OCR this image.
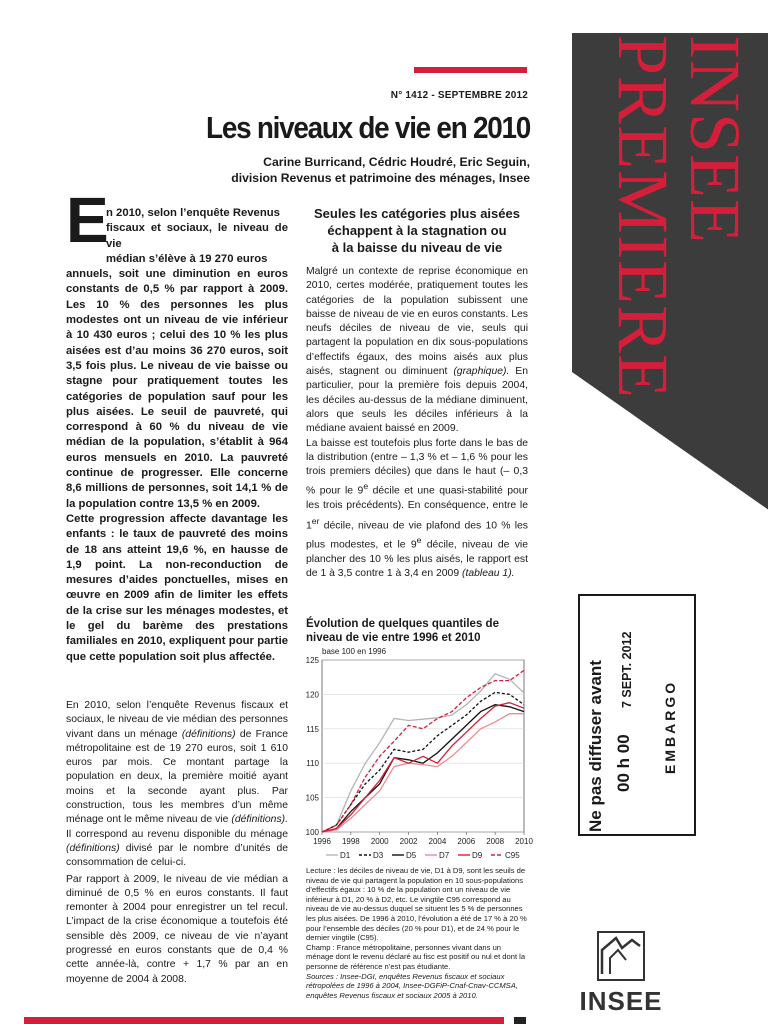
N° 1412 - SEPTEMBRE 2012
Les niveaux de vie en 2010
Carine Burricand, Cédric Houdré, Eric Seguin,
division Revenus et patrimoine des ménages, Insee
E
n 2010, selon l’enquête Revenus
fiscaux et sociaux, le niveau de vie
médian s’élève à 19 270 euros

annuels, soit une diminution en euros constants de 0,5 % par rapport à 2009. Les 10 % des personnes les plus modestes ont un niveau de vie inférieur à 10 430 euros ; celui des 10 % les plus aisées est d’au moins 36 270 euros, soit 3,5 fois plus. Le niveau de vie baisse ou stagne pour pratiquement toutes les catégories de population sauf pour les plus aisées. Le seuil de pauvreté, qui correspond à 60 % du niveau de vie médian de la population, s’établit à 964 euros mensuels en 2010. La pauvreté continue de progresser. Elle concerne 8,6 millions de personnes, soit 14,1 % de la population contre 13,5 % en 2009.

Cette progression affecte davantage les enfants : le taux de pauvreté des moins de 18 ans atteint 19,6 %, en hausse de 1,9 point. La non-reconduction de mesures d’aides ponctuelles, mises en œuvre en 2009 afin de limiter les effets de la crise sur les ménages modestes, et le gel du barème des prestations familiales en 2010, expliquent pour partie que cette population soit plus affectée.

En 2010, selon l’enquête Revenus fiscaux et sociaux, le niveau de vie médian des personnes vivant dans un ménage (définitions) de France métropolitaine est de 19 270 euros, soit 1 610 euros par mois. Ce montant partage la population en deux, la première moitié ayant moins et la seconde ayant plus. Par construction, tous les membres d’un même ménage ont le même niveau de vie (définitions). Il correspond au revenu disponible du ménage (définitions) divisé par le nombre d’unités de consommation de celui-ci.

Par rapport à 2009, le niveau de vie médian a diminué de 0,5 % en euros constants. Il faut remonter à 2004 pour enregistrer un tel recul. L’impact de la crise économique a toutefois été sensible dès 2009, ce niveau de vie n’ayant progressé en euros constants que de 0,4 % cette année-là, contre + 1,7 % par an en moyenne de 2004 à 2008.

Seules les catégories plus aisées
échappent à la stagnation ou
à la baisse du niveau de vie

Malgré un contexte de reprise économique en 2010, certes modérée, pratiquement toutes les catégories de la population subissent une baisse de niveau de vie en euros constants. Les neufs déciles de niveau de vie, seuls qui partagent la population en dix sous-populations d’effectifs égaux, des moins aisés aux plus aisés, stagnent ou diminuent (graphique). En particulier, pour la première fois depuis 2004, les déciles au-dessus de la médiane diminuent, alors que seuls les déciles inférieurs à la médiane avaient baissé en 2009.

La baisse est toutefois plus forte dans le bas de la distribution (entre – 1,3 % et – 1,6 % pour les trois premiers déciles) que dans le haut (– 0,3 % pour le 9e décile et une quasi-stabilité pour les trois précédents). En conséquence, entre le 1er décile, niveau de vie plafond des 10 % les plus modestes, et le 9e décile, niveau de vie plancher des 10 % les plus aisés, le rapport est de 1 à 3,5 contre 1 à 3,4 en 2009 (tableau 1).

Évolution de quelques quantiles de niveau de vie entre 1996 et 2010
base 100 en 1996
100
105
110
115
120
125
1996 1998 2000 2002 2004 2006 2008 2010
D1	D3	D5	D7	D9	C95

Lecture : les déciles de niveau de vie, D1 à D9, sont les seuils de niveau de vie qui partagent la population en 10 sous-populations d’effectifs égaux : 10 % de la population ont un niveau de vie inférieur à D1, 20 % à D2, etc. Le vingtile C95 correspond au niveau de vie au-dessus duquel se situent les 5 % de personnes les plus aisées. De 1996 à 2010, l’évolution a été de 17 % à 20 % pour l’ensemble des déciles (20 % pour D1), et de 24 % pour le dernier vingtile (C95).

Champ : France métropolitaine, personnes vivant dans un ménage dont le revenu déclaré au fisc est positif ou nul et dont la personne de référence n’est pas étudiante.

Sources : Insee-DGI, enquêtes Revenus fiscaux et sociaux rétropolées de 1996 à 2004, Insee-DGFiP-Cnaf-Cnav-CCMSA, enquêtes Revenus fiscaux et sociaux 2005 à 2010.

INSEE
PREMIERE
Ne pas diffuser avant 00 h 00
7 SEPT. 2012
EMBARGO
INSEE
